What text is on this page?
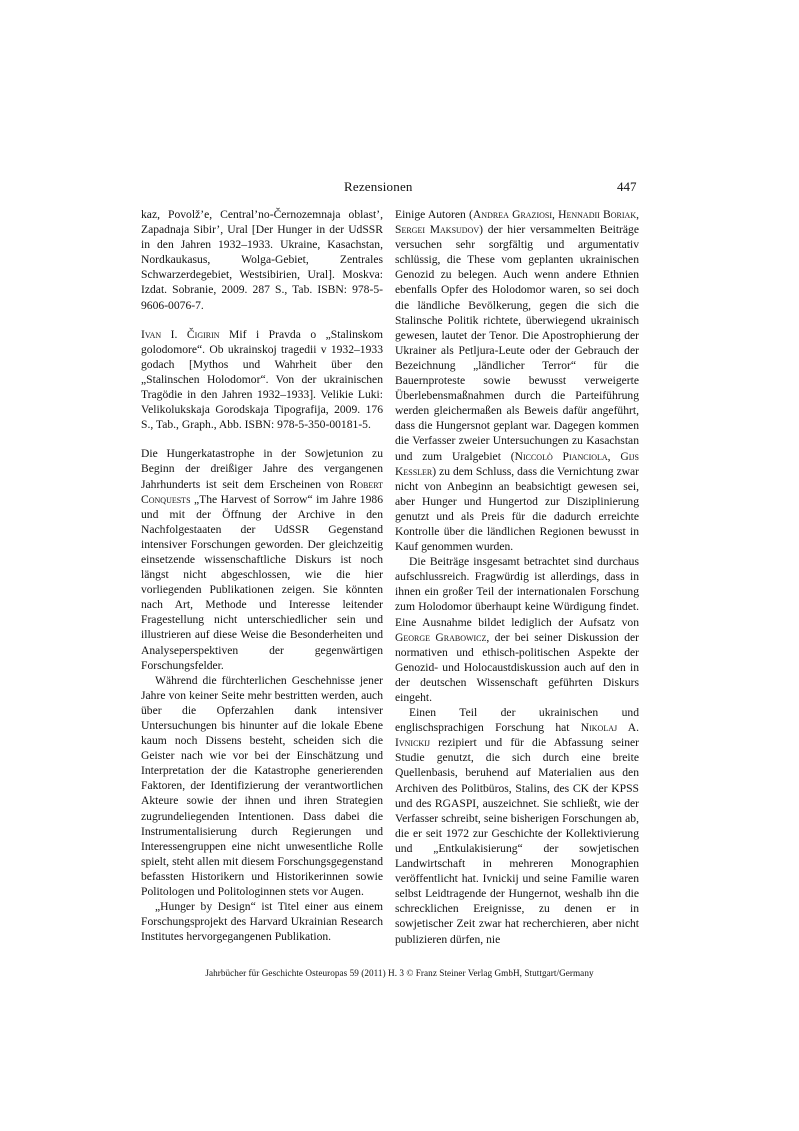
Rezensionen	447

kaz, Povolž’e, Central’no-Černozemnaja oblast’, Zapadnaja Sibir’, Ural [Der Hunger in der UdSSR in den Jahren 1932–1933. Ukraine, Kasachstan, Nordkaukasus, Wolga-Gebiet, Zentrales Schwarzerdegebiet, Westsibirien, Ural]. Moskva: Izdat. Sobranie, 2009. 287 S., Tab. ISBN: 978-5-9606-0076-7.

Ivan I. Čigirin Mif i Pravda o „Stalinskom golodomore“. Ob ukrainskoj tragedii v 1932–1933 godach [Mythos und Wahrheit über den „Stalinschen Holodomor“. Von der ukrainischen Tragödie in den Jahren 1932–1933]. Velikie Luki: Velikolukskaja Gorodskaja Tipografija, 2009. 176 S., Tab., Graph., Abb. ISBN: 978-5-350-00181-5.

Die Hungerkatastrophe in der Sowjetunion zu Beginn der dreißiger Jahre des vergangenen Jahrhunderts ist seit dem Erscheinen von Robert Conquests „The Harvest of Sorrow“ im Jahre 1986 und mit der Öffnung der Archive in den Nachfolgestaaten der UdSSR Gegenstand intensiver Forschungen geworden. Der gleichzeitig einsetzende wissenschaftliche Diskurs ist noch längst nicht abgeschlossen, wie die hier vorliegenden Publikationen zeigen. Sie könnten nach Art, Methode und Interesse leitender Fragestellung nicht unterschiedlicher sein und illustrieren auf diese Weise die Besonderheiten und Analyseperspektiven der gegenwärtigen Forschungsfelder.

Während die fürchterlichen Geschehnisse jener Jahre von keiner Seite mehr bestritten werden, auch über die Opferzahlen dank intensiver Untersuchungen bis hinunter auf die lokale Ebene kaum noch Dissens besteht, scheiden sich die Geister nach wie vor bei der Einschätzung und Interpretation der die Katastrophe generierenden Faktoren, der Identifizierung der verantwortlichen Akteure sowie der ihnen und ihren Strategien zugrundeliegenden Intentionen. Dass dabei die Instrumentalisierung durch Regierungen und Interessengruppen eine nicht unwesentliche Rolle spielt, steht allen mit diesem Forschungsgegenstand befassten Historikern und Historikerinnen sowie Politologen und Politologinnen stets vor Augen.

„Hunger by Design“ ist Titel einer aus einem Forschungsprojekt des Harvard Ukrainian Research Institutes hervorgegangenen Publikation.

Einige Autoren (Andrea Graziosi, Hennadii Boriak, Sergei Maksudov) der hier versammelten Beiträge versuchen sehr sorgfältig und argumentativ schlüssig, die These vom geplanten ukrainischen Genozid zu belegen. Auch wenn andere Ethnien ebenfalls Opfer des Holodomor waren, so sei doch die ländliche Bevölkerung, gegen die sich die Stalinsche Politik richtete, überwiegend ukrainisch gewesen, lautet der Tenor. Die Apostrophierung der Ukrainer als Petljura-Leute oder der Gebrauch der Bezeichnung „ländlicher Terror“ für die Bauernproteste sowie bewusst verweigerte Überlebensmaßnahmen durch die Parteiführung werden gleichermaßen als Beweis dafür angeführt, dass die Hungersnot geplant war. Dagegen kommen die Verfasser zweier Untersuchungen zu Kasachstan und zum Uralgebiet (Niccolò Pianciola, Gijs Kessler) zu dem Schluss, dass die Vernichtung zwar nicht von Anbeginn an beabsichtigt gewesen sei, aber Hunger und Hungertod zur Disziplinierung genutzt und als Preis für die dadurch erreichte Kontrolle über die ländlichen Regionen bewusst in Kauf genommen wurden.

Die Beiträge insgesamt betrachtet sind durchaus aufschlussreich. Fragwürdig ist allerdings, dass in ihnen ein großer Teil der internationalen Forschung zum Holodomor überhaupt keine Würdigung findet. Eine Ausnahme bildet lediglich der Aufsatz von George Grabowicz, der bei seiner Diskussion der normativen und ethisch-politischen Aspekte der Genozid- und Holocaustdiskussion auch auf den in der deutschen Wissenschaft geführten Diskurs eingeht.

Einen Teil der ukrainischen und englischsprachigen Forschung hat Nikolaj A. Ivnickij rezipiert und für die Abfassung seiner Studie genutzt, die sich durch eine breite Quellenbasis, beruhend auf Materialien aus den Archiven des Politbüros, Stalins, des CK der KPSS und des RGASPI, auszeichnet. Sie schließt, wie der Verfasser schreibt, seine bisherigen Forschungen ab, die er seit 1972 zur Geschichte der Kollektivierung und „Entkulakisierung“ der sowjetischen Landwirtschaft in mehreren Monographien veröffentlicht hat. Ivnickij und seine Familie waren selbst Leidtragende der Hungernot, weshalb ihn die schrecklichen Ereignisse, zu denen er in sowjetischer Zeit zwar hat recherchieren, aber nicht publizieren dürfen, nie

Jahrbücher für Geschichte Osteuropas 59 (2011) H. 3 © Franz Steiner Verlag GmbH, Stuttgart/Germany
